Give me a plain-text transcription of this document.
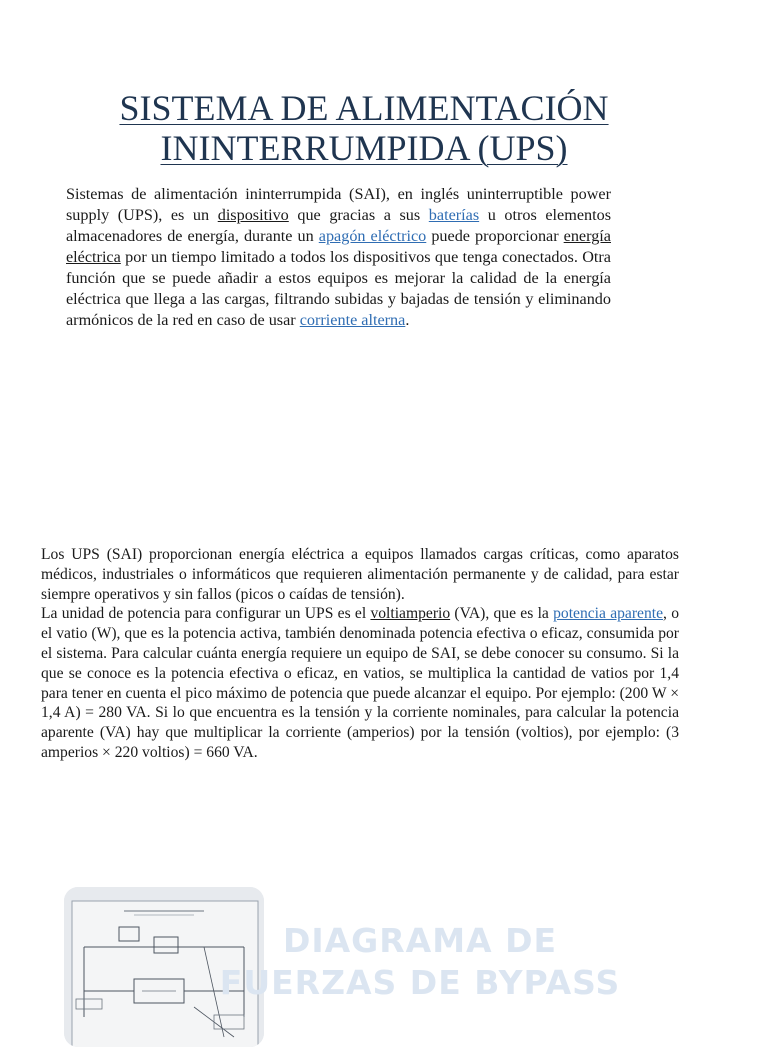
SISTEMA DE ALIMENTACIÓN
ININTERRUMPIDA (UPS)

Sistemas de alimentación ininterrumpida (SAI), en inglés uninterruptible power supply (UPS), es un dispositivo que gracias a sus baterías u otros elementos almacenadores de energía, durante un apagón eléctrico puede proporcionar energía eléctrica por un tiempo limitado a todos los dispositivos que tenga conectados. Otra función que se puede añadir a estos equipos es mejorar la calidad de la energía eléctrica que llega a las cargas, filtrando subidas y bajadas de tensión y eliminando armónicos de la red en caso de usar corriente alterna.

Los UPS (SAI) proporcionan energía eléctrica a equipos llamados cargas críticas, como aparatos médicos, industriales o informáticos que requieren alimentación permanente y de calidad, para estar siempre operativos y sin fallos (picos o caídas de tensión).

La unidad de potencia para configurar un UPS es el voltiamperio (VA), que es la potencia aparente, o el vatio (W), que es la potencia activa, también denominada potencia efectiva o eficaz, consumida por el sistema. Para calcular cuánta energía requiere un equipo de SAI, se debe conocer su consumo. Si la que se conoce es la potencia efectiva o eficaz, en vatios, se multiplica la cantidad de vatios por 1,4 para tener en cuenta el pico máximo de potencia que puede alcanzar el equipo. Por ejemplo: (200 W × 1,4 A) = 280 VA. Si lo que encuentra es la tensión y la corriente nominales, para calcular la potencia aparente (VA) hay que multiplicar la corriente (amperios) por la tensión (voltios), por ejemplo: (3 amperios × 220 voltios) = 660 VA.

DIAGRAMA DE
FUERZAS DE BYPASS
